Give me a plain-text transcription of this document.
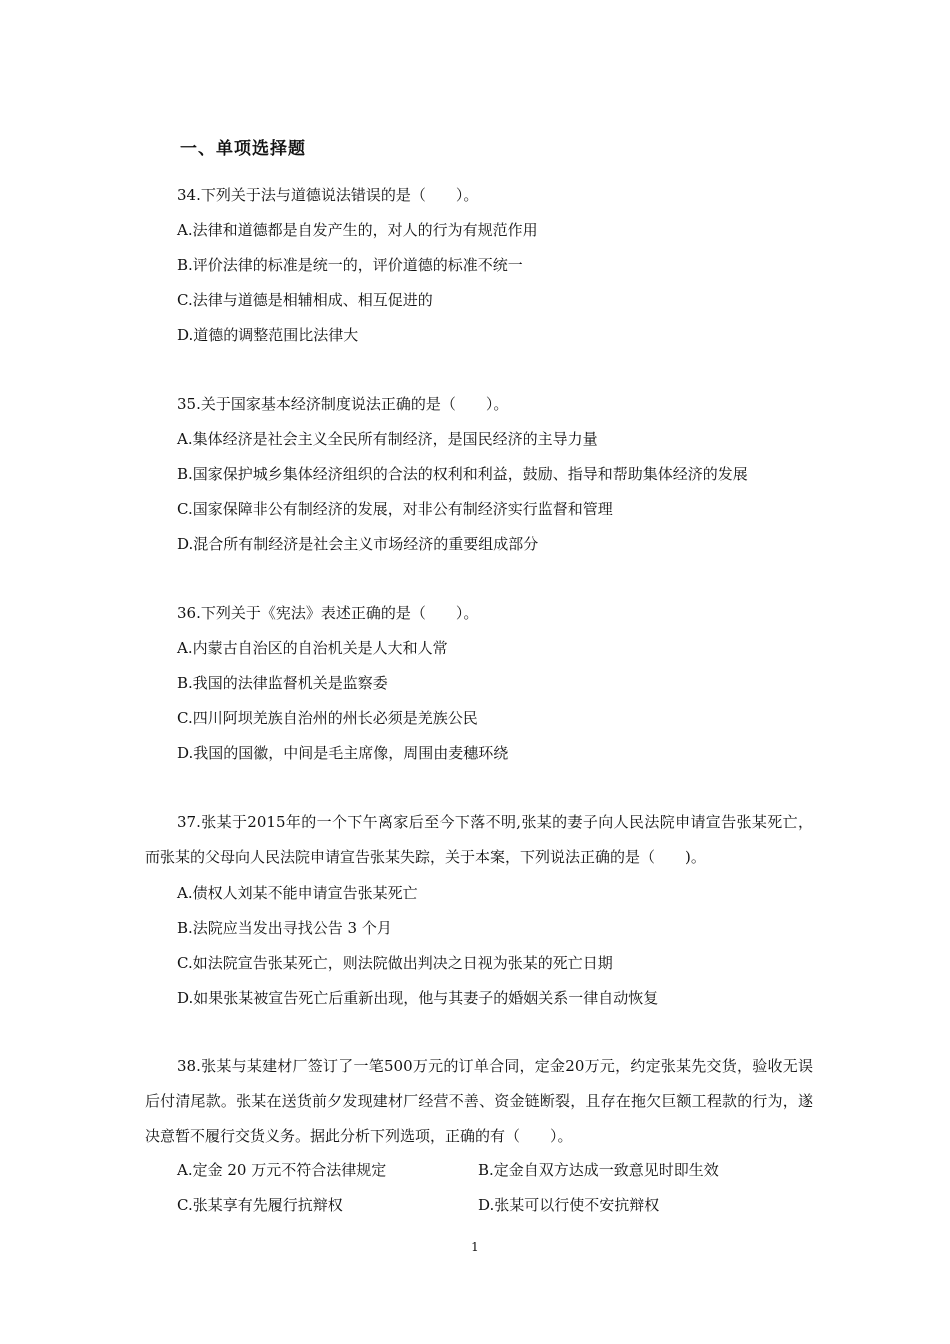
一、单项选择题
34.下列关于法与道德说法错误的是（　　）。
A.法律和道德都是自发产生的，对人的行为有规范作用
B.评价法律的标准是统一的，评价道德的标准不统一
C.法律与道德是相辅相成、相互促进的
D.道德的调整范围比法律大
35.关于国家基本经济制度说法正确的是（　　）。
A.集体经济是社会主义全民所有制经济，是国民经济的主导力量
B.国家保护城乡集体经济组织的合法的权利和利益，鼓励、指导和帮助集体经济的发展
C.国家保障非公有制经济的发展，对非公有制经济实行监督和管理
D.混合所有制经济是社会主义市场经济的重要组成部分
36.下列关于《宪法》表述正确的是（　　）。
A.内蒙古自治区的自治机关是人大和人常
B.我国的法律监督机关是监察委
C.四川阿坝羌族自治州的州长必须是羌族公民
D.我国的国徽，中间是毛主席像，周围由麦穗环绕
37.张某于2015年的一个下午离家后至今下落不明,张某的妻子向人民法院申请宣告张某死亡，而张某的父母向人民法院申请宣告张某失踪，关于本案，下列说法正确的是（　　)。
A.债权人刘某不能申请宣告张某死亡
B.法院应当发出寻找公告 3 个月
C.如法院宣告张某死亡，则法院做出判决之日视为张某的死亡日期
D.如果张某被宣告死亡后重新出现，他与其妻子的婚姻关系一律自动恢复
38.张某与某建材厂签订了一笔500万元的订单合同，定金20万元，约定张某先交货，验收无误后付清尾款。张某在送货前夕发现建材厂经营不善、资金链断裂，且存在拖欠巨额工程款的行为，遂决意暂不履行交货义务。据此分析下列选项，正确的有（　　）。
A.定金 20 万元不符合法律规定	B.定金自双方达成一致意见时即生效
C.张某享有先履行抗辩权	D.张某可以行使不安抗辩权
1
